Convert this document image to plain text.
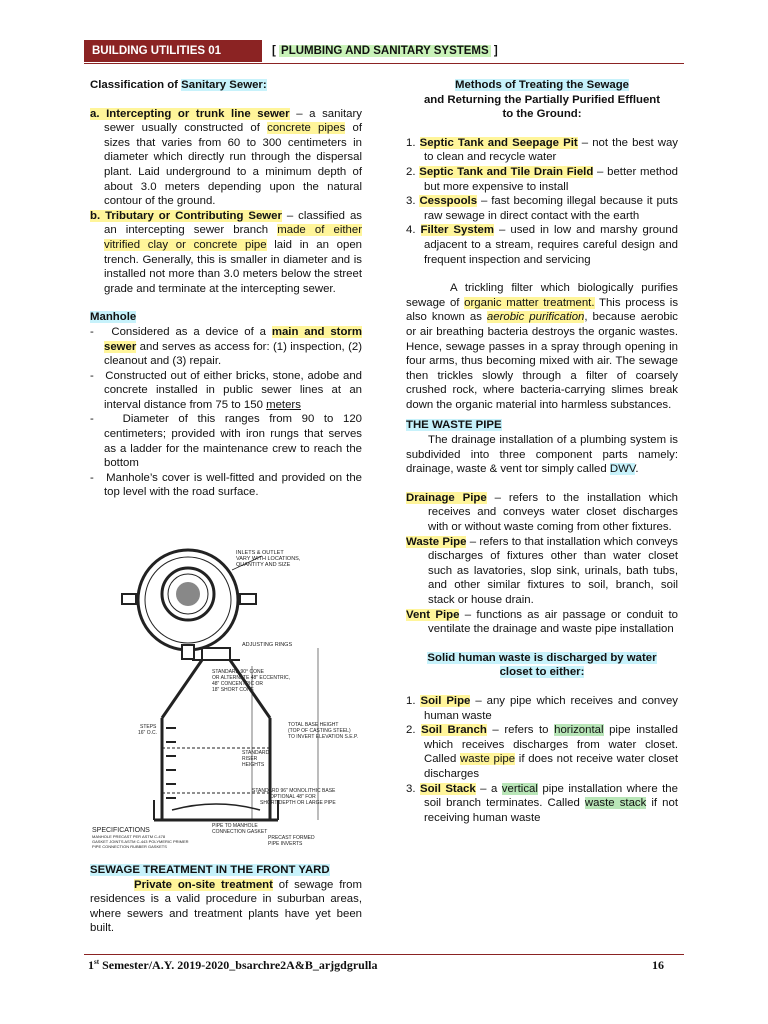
BUILDING UTILITIES 01	[ PLUMBING AND SANITARY SYSTEMS ]

Classification of Sanitary Sewer:

a. Intercepting or trunk line sewer – a sanitary sewer usually constructed of concrete pipes of sizes that varies from 60 to 300 centimeters in diameter which directly run through the dispersal plant. Laid underground to a minimum depth of about 3.0 meters depending upon the natural contour of the ground.

b. Tributary or Contributing Sewer – classified as an intercepting sewer branch made of either vitrified clay or concrete pipe laid in an open trench. Generally, this is smaller in diameter and is installed not more than 3.0 meters below the street grade and terminate at the intercepting sewer.

Manhole

-   Considered as a device of a main and storm sewer and serves as access for: (1) inspection, (2) cleanout and (3) repair.

-   Constructed out of either bricks, stone, adobe and concrete installed in public sewer lines at an interval distance from 75 to 150 meters

-   Diameter of this ranges from 90 to 120 centimeters; provided with iron rungs that serves as a ladder for the maintenance crew to reach the bottom

-   Manhole’s cover is well-fitted and provided on the top level with the road surface.

INLETS & OUTLET
VARY WITH LOCATIONS,
QUANTITY AND SIZE
ADJUSTING RINGS
STANDARD 90° CONE
OR ALTERNATE 48" ECCENTRIC,
48" CONCENTRIC OR
18" SHORT CONE
STEPS
16" O.C.
TOTAL BASE HEIGHT
(TOP OF CASTING STEEL)
TO INVERT ELEVATION S.E.P.
STANDARD
RISER
HEIGHTS
STANDARD 96" MONOLITHIC BASE
OPTIONAL 48" FOR
SHORT DEPTH OR LARGE PIPE
PIPE TO MANHOLE
CONNECTION GASKET
PRECAST FORMED
PIPE INVERTS
SPECIFICATIONS
MANHOLE PRECAST PER ASTM C-478
GASKET JOINTS ASTM C-443 POLYMERIC PRIMER
PIPE CONNECTION RUBBER GASKETS

SEWAGE TREATMENT IN THE FRONT YARD

Private on-site treatment of sewage from residences is a valid procedure in suburban areas, where sewers and treatment plants have yet been built.

Methods of Treating the Sewage

and Returning the Partially Purified Effluent

to the Ground:

1. Septic Tank and Seepage Pit – not the best way to clean and recycle water

2. Septic Tank and Tile Drain Field – better method but more expensive to install

3. Cesspools – fast becoming illegal because it puts raw sewage in direct contact with the earth

4. Filter System – used in low and marshy ground adjacent to a stream, requires careful design and frequent inspection and servicing

A trickling filter which biologically purifies sewage of organic matter treatment. This process is also known as aerobic purification, because aerobic or air breathing bacteria destroys the organic wastes. Hence, sewage passes in a spray through opening in four arms, thus becoming mixed with air. The sewage then trickles slowly through a filter of coarsely crushed rock, where bacteria-carrying slimes break down the organic material into harmless substances.

THE WASTE PIPE

The drainage installation of a plumbing system is subdivided into three component parts namely: drainage, waste & vent tor simply called DWV.

Drainage Pipe – refers to the installation which receives and conveys water closet discharges with or without waste coming from other fixtures.

Waste Pipe – refers to that installation which conveys discharges of fixtures other than water closet such as lavatories, slop sink, urinals, bath tubs, and other similar fixtures to soil, branch, soil stack or house drain.

Vent Pipe – functions as air passage or conduit to ventilate the drainage and waste pipe installation

Solid human waste is discharged by water

closet to either:

1. Soil Pipe – any pipe which receives and convey human waste

2. Soil Branch – refers to horizontal pipe installed which receives discharges from water closet. Called waste pipe if does not receive water closet discharges

3. Soil Stack – a vertical pipe installation where the soil branch terminates. Called waste stack if not receiving human waste

1st Semester/A.Y. 2019-2020_bsarchre2A&B_arjgdgrulla	16
